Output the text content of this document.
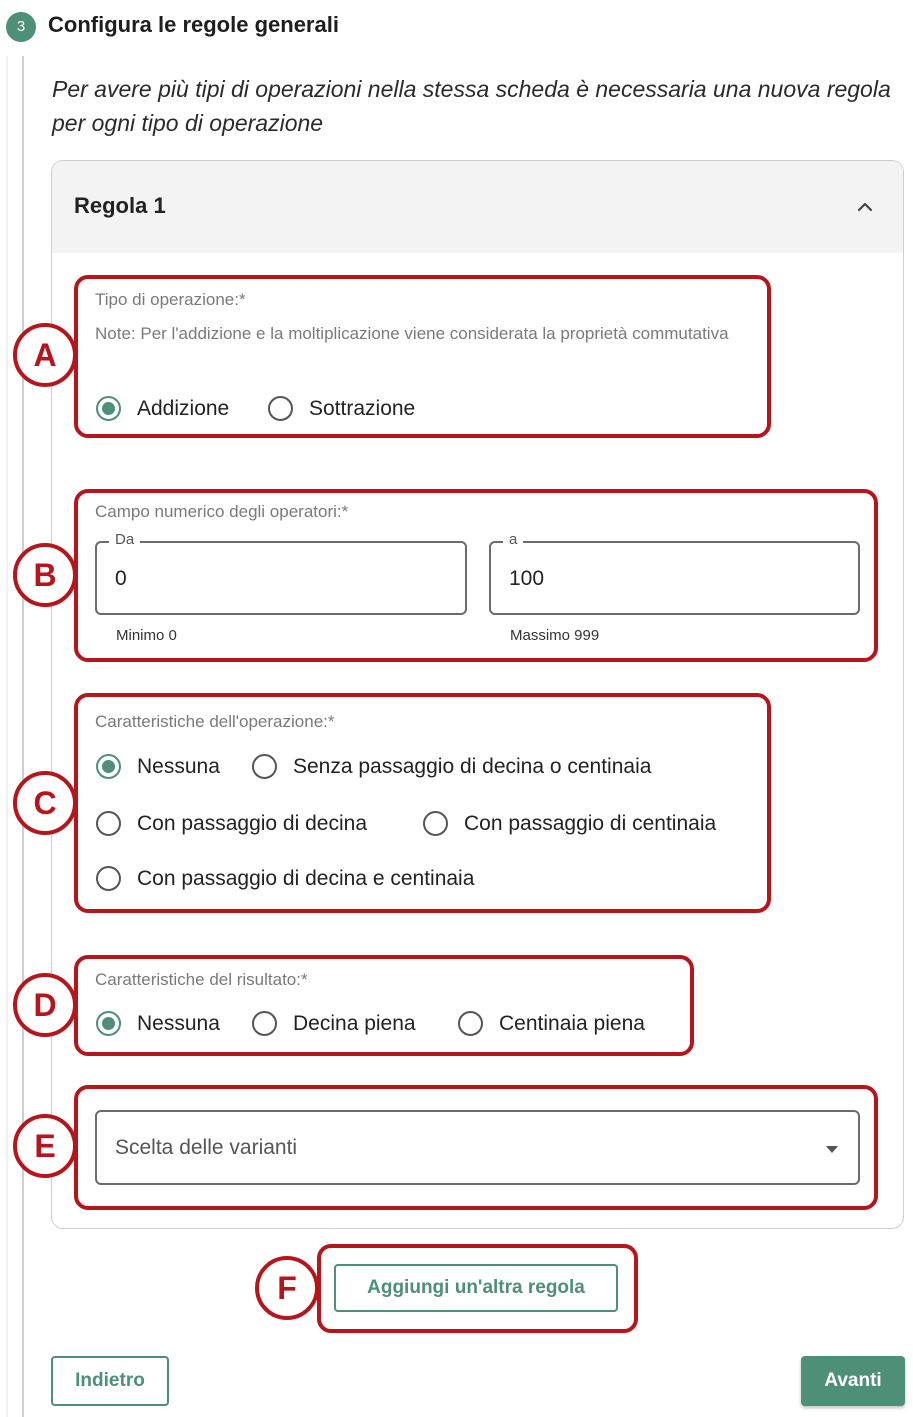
3	Configura le regole generali
Per avere più tipi di operazioni nella stessa scheda è necessaria una nuova regola per ogni tipo di operazione
Regola 1
Tipo di operazione:*
Note: Per l'addizione e la moltiplicazione viene considerata la proprietà commutativa
Addizione	Sottrazione
Campo numerico degli operatori:*
Da
0
a
100
Minimo 0	Massimo 999
Caratteristiche dell'operazione:*
Nessuna	Senza passaggio di decina o centinaia
Con passaggio di decina	Con passaggio di centinaia
Con passaggio di decina e centinaia
Caratteristiche del risultato:*
Nessuna	Decina piena	Centinaia piena
Scelta delle varianti
Aggiungi un'altra regola
Indietro	Avanti
A
B
C
D
E
F
